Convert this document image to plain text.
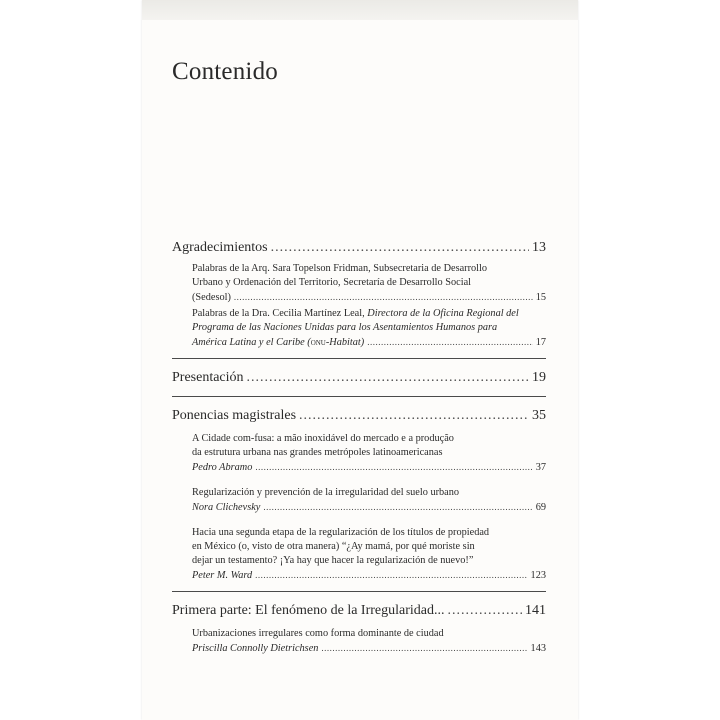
Contenido
Agradecimientos .....	13
Palabras de la Arq. Sara Topelson Fridman, Subsecretaria de Desarrollo
Urbano y Ordenación del Territorio, Secretaría de Desarrollo Social
(Sedesol) .....	15
Palabras de la Dra. Cecilia Martínez Leal, Directora de la Oficina Regional del
Programa de las Naciones Unidas para los Asentamientos Humanos para
América Latina y el Caribe (onu-Habitat) .....	17
Presentación .....	19
Ponencias magistrales .....	35
A Cidade com-fusa: a mão inoxidável do mercado e a produção
da estrutura urbana nas grandes metrópoles latinoamericanas
Pedro Abramo .....	37
Regularización y prevención de la irregularidad del suelo urbano
Nora Clichevsky .....	69
Hacia una segunda etapa de la regularización de los títulos de propiedad
en México (o, visto de otra manera) “¿Ay mamá, por qué moriste sin
dejar un testamento? ¡Ya hay que hacer la regularización de nuevo!”
Peter M. Ward .....	123
Primera parte: El fenómeno de la Irregularidad... .....	141
Urbanizaciones irregulares como forma dominante de ciudad
Priscilla Connolly Dietrichsen .....	143
